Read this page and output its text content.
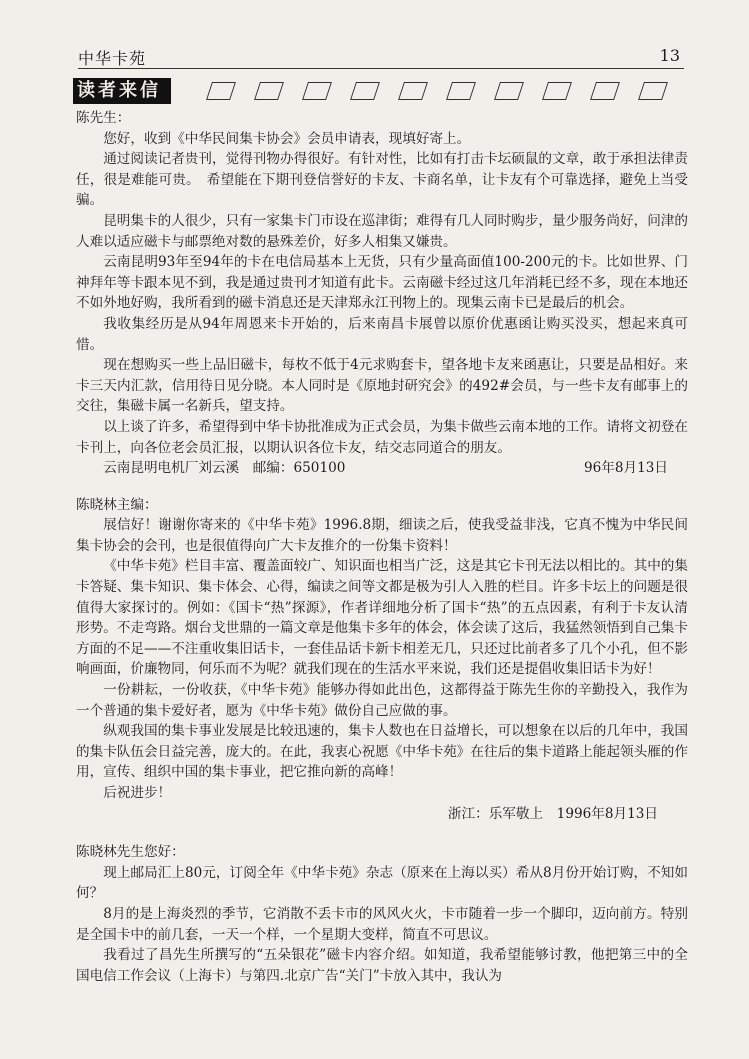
中华卡苑	13
读者来信

陈先生：

您好，收到《中华民间集卡协会》会员申请表，现填好寄上。

通过阅读记者贵刊，觉得刊物办得很好。有针对性，比如有打击卡坛硕鼠的文章，敢于承担法律责任，很是难能可贵。　希望能在下期刊登信誉好的卡友、卡商名单，让卡友有个可靠选择，避免上当受骗。

昆明集卡的人很少，只有一家集卡门市设在巡津街；难得有几人同时购步，量少服务尚好，问津的人难以适应磁卡与邮票绝对数的悬殊差价，好多人相集又嫌贵。

云南昆明93年至94年的卡在电信局基本上无货，只有少量高面值100-200元的卡。比如世界、门神拜年等卡跟本见不到，我是通过贵刊才知道有此卡。云南磁卡经过这几年消耗已经不多，现在本地还不如外地好购，我所看到的磁卡消息还是天津郑永江刊物上的。现集云南卡已是最后的机会。

我收集经历是从94年周恩来卡开始的，后来南昌卡展曾以原价优惠函让购买没买，想起来真可惜。

现在想购买一些上品旧磁卡，每枚不低于4元求购套卡，望各地卡友来函惠让，只要是品相好。来卡三天内汇款，信用待日见分晓。本人同时是《原地封研究会》的492#会员，与一些卡友有邮事上的交往，集磁卡属一名新兵，望支持。

以上谈了许多，希望得到中华卡协批准成为正式会员，为集卡做些云南本地的工作。请将文初登在卡刊上，向各位老会员汇报，以期认识各位卡友，结交志同道合的朋友。

云南昆明电机厂刘云溪　邮编：650100	96年8月13日

陈晓林主编：

展信好！谢谢你寄来的《中华卡苑》1996.8期，细读之后，使我受益非浅，它真不愧为中华民间集卡协会的会刊，也是很值得向广大卡友推介的一份集卡资料！

《中华卡苑》栏目丰富、覆盖面较广、知识面也相当广泛，这是其它卡刊无法以相比的。其中的集卡答疑、集卡知识、集卡体会、心得，编读之间等文都是极为引人入胜的栏目。许多卡坛上的问题是很值得大家探讨的。例如：《国卡“热”探源》，作者详细地分析了国卡“热”的五点因素，有利于卡友认清形势。不走弯路。烟台戈世鼎的一篇文章是他集卡多年的体会，体会读了这后，我猛然领悟到自己集卡方面的不足——不注重收集旧话卡，一套佳品话卡新卡相差无几，只还过比前者多了几个小孔，但不影响画面，价廉物同，何乐而不为呢？就我们现在的生活水平来说，我们还是提倡收集旧话卡为好！

一份耕耘，一份收获，《中华卡苑》能够办得如此出色，这都得益于陈先生你的辛勤投入，我作为一个普通的集卡爱好者，愿为《中华卡苑》做份自己应做的事。

纵观我国的集卡事业发展是比较迅速的，集卡人数也在日益增长，可以想象在以后的几年中，我国的集卡队伍会日益完善，庞大的。在此，我衷心祝愿《中华卡苑》在往后的集卡道路上能起领头雁的作用，宣传、组织中国的集卡事业，把它推向新的高峰！

后祝进步！

浙江：乐军敬上　1996年8月13日

陈晓林先生您好：

现上邮局汇上80元，订阅全年《中华卡苑》杂志（原来在上海以买）希从8月份开始订购，不知如何？

8月的是上海炎烈的季节，它消散不丢卡市的风风火火，卡市随着一步一个脚印，迈向前方。特别是全国卡中的前几套，一天一个样，一个星期大变样，简直不可思议。

我看过了昌先生所撰写的“五朵银花”磁卡内容介绍。如知道，我希望能够讨教，他把第三中的全国电信工作会议（上海卡）与第四.北京广告“关门”卡放入其中，我认为
